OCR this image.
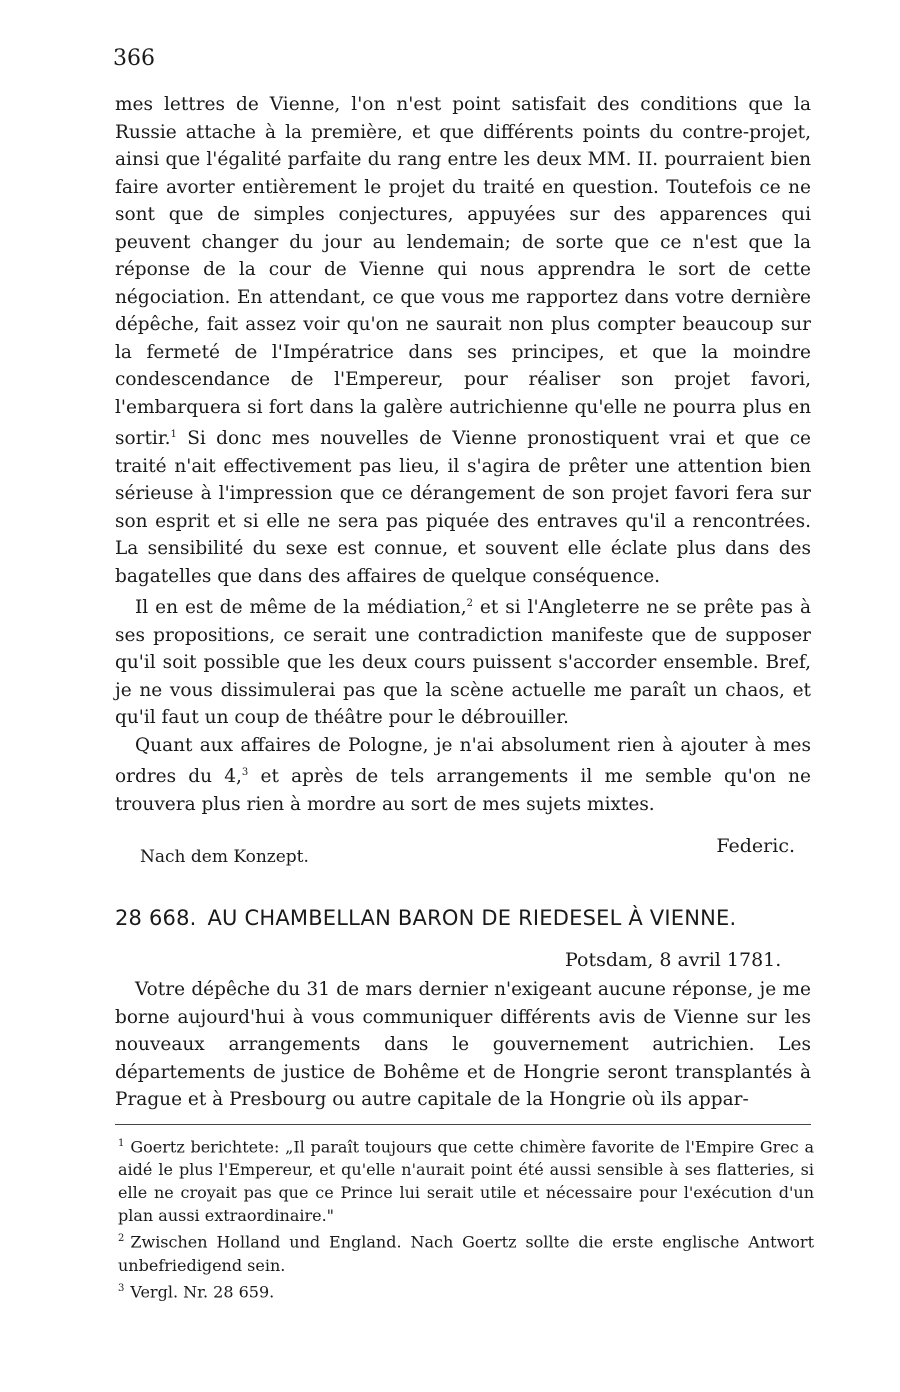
366

mes lettres de Vienne, l'on n'est point satisfait des conditions que la Russie attache à la première, et que différents points du contre-projet, ainsi que l'égalité parfaite du rang entre les deux MM. II. pourraient bien faire avorter entièrement le projet du traité en question. Toutefois ce ne sont que de simples conjectures, appuyées sur des apparences qui peuvent changer du jour au lendemain; de sorte que ce n'est que la réponse de la cour de Vienne qui nous apprendra le sort de cette négociation. En attendant, ce que vous me rapportez dans votre dernière dépêche, fait assez voir qu'on ne saurait non plus compter beaucoup sur la fermeté de l'Impératrice dans ses principes, et que la moindre condescendance de l'Empereur, pour réaliser son projet favori, l'embarquera si fort dans la galère autrichienne qu'elle ne pourra plus en sortir.$^1$ Si donc mes nouvelles de Vienne pronostiquent vrai et que ce traité n'ait effectivement pas lieu, il s'agira de prêter une attention bien sérieuse à l'impression que ce dérangement de son projet favori fera sur son esprit et si elle ne sera pas piquée des entraves qu'il a rencontrées. La sensibilité du sexe est connue, et souvent elle éclate plus dans des bagatelles que dans des affaires de quelque conséquence.

Il en est de même de la médiation,$^2$ et si l'Angleterre ne se prête pas à ses propositions, ce serait une contradiction manifeste que de supposer qu'il soit possible que les deux cours puissent s'accorder ensemble. Bref, je ne vous dissimulerai pas que la scène actuelle me paraît un chaos, et qu'il faut un coup de théâtre pour le débrouiller.

Quant aux affaires de Pologne, je n'ai absolument rien à ajouter à mes ordres du 4,$^3$ et après de tels arrangements il me semble qu'on ne trouvera plus rien à mordre au sort de mes sujets mixtes.

Nach dem Konzept.	Federic.
28 668. AU CHAMBELLAN BARON DE RIEDESEL À VIENNE.
Potsdam, 8 avril 1781.

Votre dépêche du 31 de mars dernier n'exigeant aucune réponse, je me borne aujourd'hui à vous communiquer différents avis de Vienne sur les nouveaux arrangements dans le gouvernement autrichien. Les départements de justice de Bohême et de Hongrie seront transplantés à Prague et à Presbourg ou autre capitale de la Hongrie où ils appar-

$^1$ Goertz berichtete: „Il paraît toujours que cette chimère favorite de l'Empire Grec a aidé le plus l'Empereur, et qu'elle n'aurait point été aussi sensible à ses flatteries, si elle ne croyait pas que ce Prince lui serait utile et nécessaire pour l'exécution d'un plan aussi extraordinaire."

$^2$ Zwischen Holland und England. Nach Goertz sollte die erste englische Antwort unbefriedigend sein.

$^3$ Vergl. Nr. 28 659.
